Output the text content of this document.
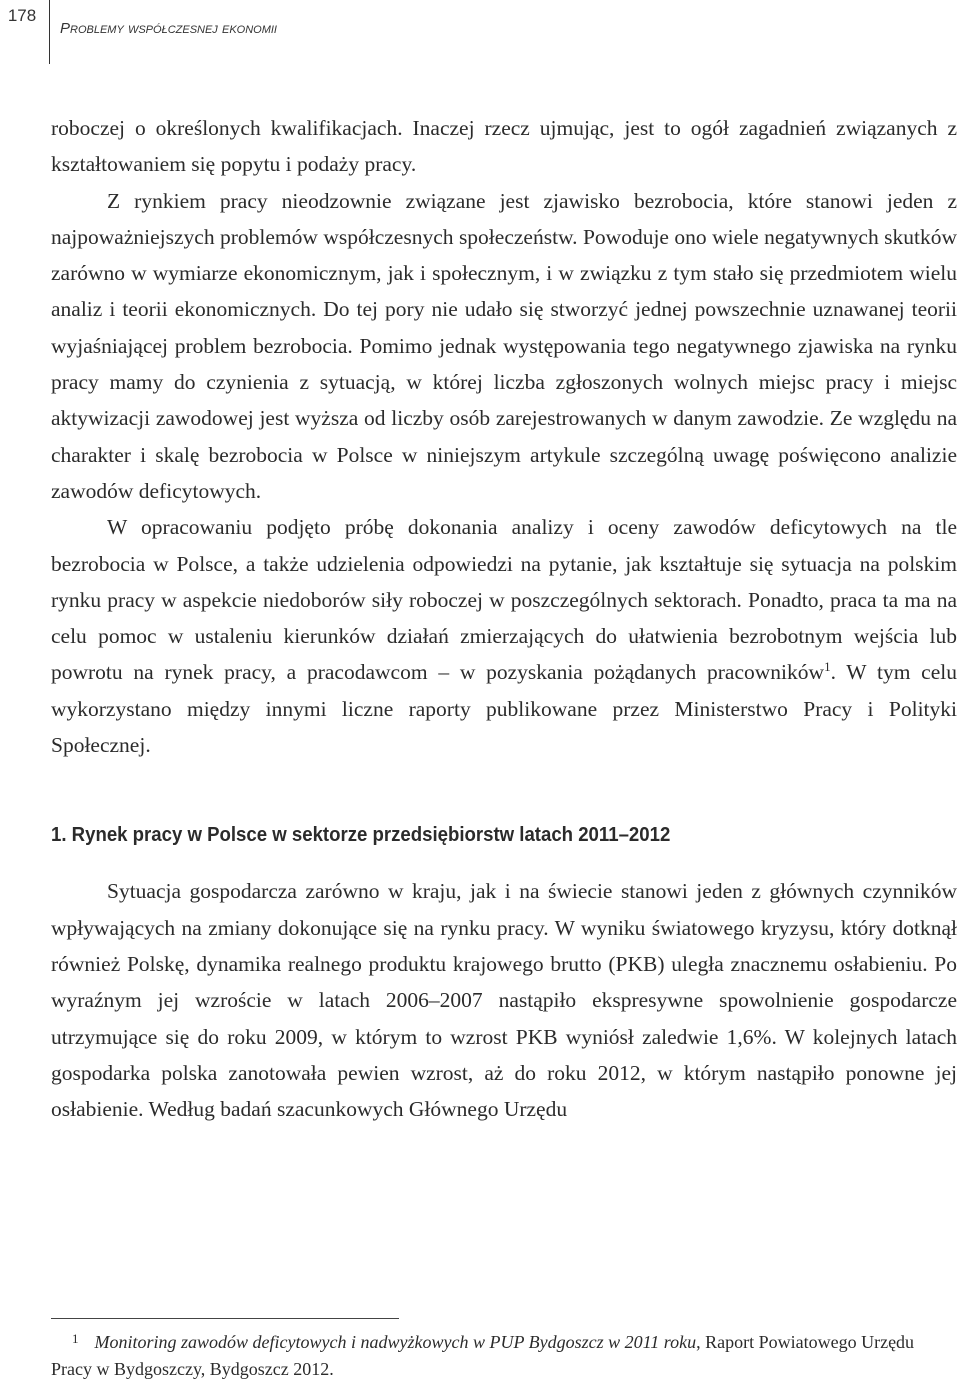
178
Problemy współczesnej ekonomii

roboczej o określonych kwalifikacjach. Inaczej rzecz ujmując, jest to ogół zagadnień związanych z kształtowaniem się popytu i podaży pracy.

Z rynkiem pracy nieodzownie związane jest zjawisko bezrobocia, które stanowi jeden z najpoważniejszych problemów współczesnych społeczeństw. Powoduje ono wiele negatywnych skutków zarówno w wymiarze ekonomicznym, jak i społecznym, i w związku z tym stało się przedmiotem wielu analiz i teorii ekonomicznych. Do tej pory nie udało się stworzyć jednej powszechnie uznawanej teorii wyjaśniającej problem bezrobocia. Pomimo jednak występowania tego negatywnego zjawiska na rynku pracy mamy do czynienia z sytuacją, w której liczba zgłoszonych wolnych miejsc pracy i miejsc aktywizacji zawodowej jest wyższa od liczby osób zarejestrowanych w danym zawodzie. Ze względu na charakter i skalę bezrobocia w Polsce w niniejszym artykule szczególną uwagę poświęcono analizie zawodów deficytowych.

W opracowaniu podjęto próbę dokonania analizy i oceny zawodów deficytowych na tle bezrobocia w Polsce, a także udzielenia odpowiedzi na pytanie, jak kształtuje się sytuacja na polskim rynku pracy w aspekcie niedoborów siły roboczej w poszczególnych sektorach. Ponadto, praca ta ma na celu pomoc w ustaleniu kierunków działań zmierzających do ułatwienia bezrobotnym wejścia lub powrotu na rynek pracy, a pracodawcom – w pozyskania pożądanych pracowników$^1$. W tym celu wykorzystano między innymi liczne raporty publikowane przez Ministerstwo Pracy i Polityki Społecznej.

1. Rynek pracy w Polsce w sektorze przedsiębiorstw latach 2011–2012

Sytuacja gospodarcza zarówno w kraju, jak i na świecie stanowi jeden z głównych czynników wpływających na zmiany dokonujące się na rynku pracy. W wyniku światowego kryzysu, który dotknął również Polskę, dynamika realnego produktu krajowego brutto (PKB) uległa znacznemu osłabieniu. Po wyraźnym jej wzroście w latach 2006–2007 nastąpiło ekspresywne spowolnienie gospodarcze utrzymujące się do roku 2009, w którym to wzrost PKB wyniósł zaledwie 1,6%. W kolejnych latach gospodarka polska zanotowała pewien wzrost, aż do roku 2012, w którym nastąpiło ponowne jej osłabienie. Według badań szacunkowych Głównego Urzędu

$^1$ Monitoring zawodów deficytowych i nadwyżkowych w PUP Bydgoszcz w 2011 roku, Raport Powiatowego Urzędu Pracy w Bydgoszczy, Bydgoszcz 2012.
